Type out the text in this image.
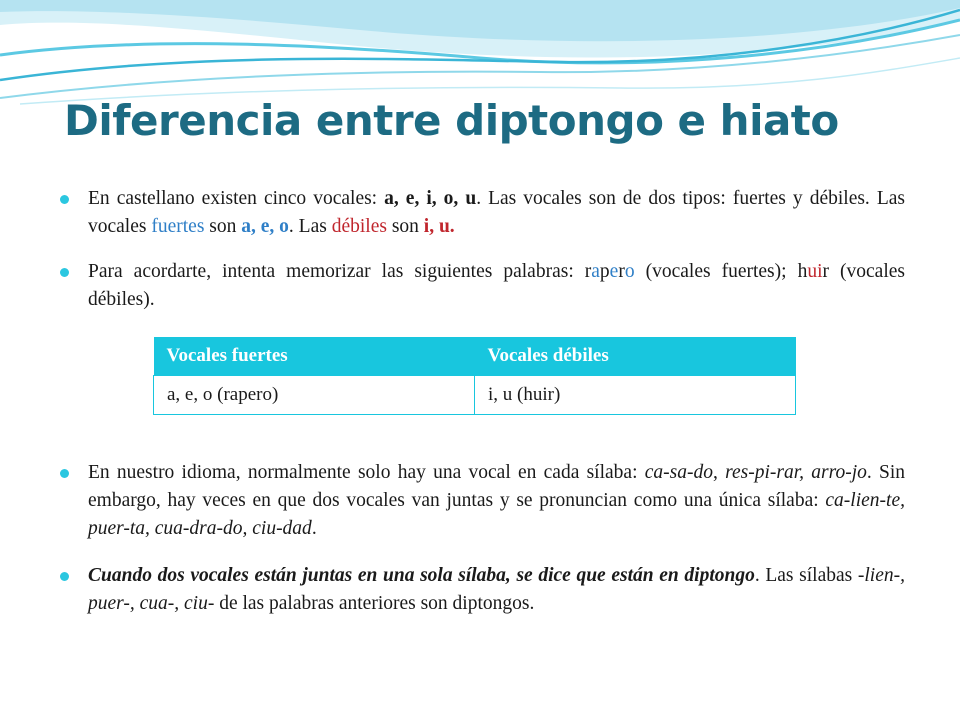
Diferencia entre diptongo e hiato
En castellano existen cinco vocales: a, e, i, o, u. Las vocales son de dos tipos: fuertes y débiles. Las vocales fuertes son a, e, o. Las débiles son i, u.
Para acordarte, intenta memorizar las siguientes palabras: rapero (vocales fuertes); huir (vocales débiles).
Vocales fuertes	Vocales débiles
a, e, o (rapero)	i, u (huir)
En nuestro idioma, normalmente solo hay una vocal en cada sílaba: ca-sa-do, res-pi-rar, arro-jo. Sin embargo, hay veces en que dos vocales van juntas y se pronuncian como una única sílaba: ca-lien-te, puer-ta, cua-dra-do, ciu-dad.
Cuando dos vocales están juntas en una sola sílaba, se dice que están en diptongo. Las sílabas -lien-, puer-, cua-, ciu- de las palabras anteriores son diptongos.
